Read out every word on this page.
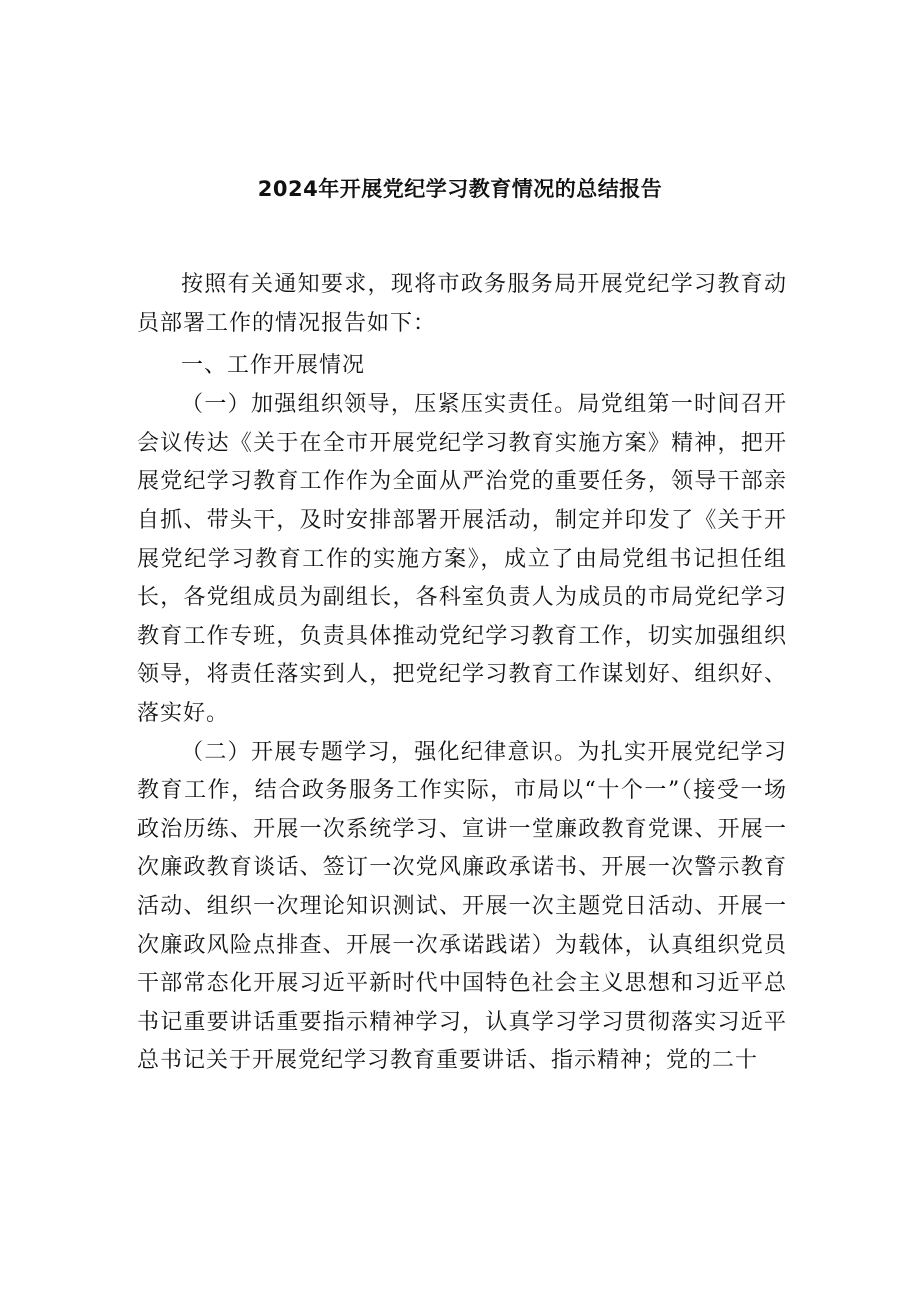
2024年开展党纪学习教育情况的总结报告

按照有关通知要求，现将市政务服务局开展党纪学习教育动员部署工作的情况报告如下：

一、工作开展情况

（一）加强组织领导，压紧压实责任。局党组第一时间召开会议传达《关于在全市开展党纪学习教育实施方案》精神，把开展党纪学习教育工作作为全面从严治党的重要任务，领导干部亲自抓、带头干，及时安排部署开展活动，制定并印发了《关于开展党纪学习教育工作的实施方案》，成立了由局党组书记担任组长，各党组成员为副组长，各科室负责人为成员的市局党纪学习教育工作专班，负责具体推动党纪学习教育工作，切实加强组织领导，将责任落实到人，把党纪学习教育工作谋划好、组织好、落实好。

（二）开展专题学习，强化纪律意识。为扎实开展党纪学习教育工作，结合政务服务工作实际，市局以“十个一”（接受一场政治历练、开展一次系统学习、宣讲一堂廉政教育党课、开展一次廉政教育谈话、签订一次党风廉政承诺书、开展一次警示教育活动、组织一次理论知识测试、开展一次主题党日活动、开展一次廉政风险点排查、开展一次承诺践诺）为载体，认真组织党员干部常态化开展习近平新时代中国特色社会主义思想和习近平总书记重要讲话重要指示精神学习，认真学习学习贯彻落实习近平总书记关于开展党纪学习教育重要讲话、指示精神；党的二十
